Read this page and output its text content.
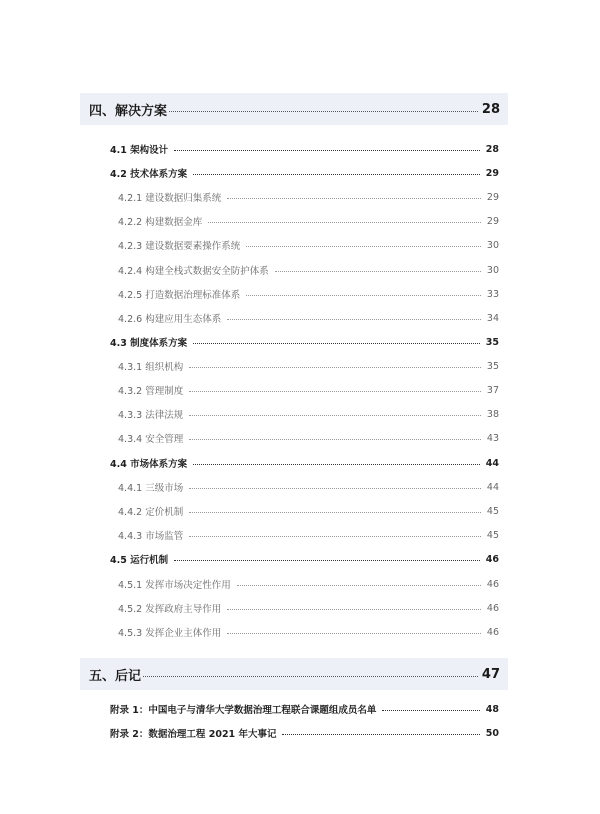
四、解决方案	28
4.1 架构设计	28
4.2 技术体系方案	29
4.2.1 建设数据归集系统	29
4.2.2 构建数据金库	29
4.2.3 建设数据要素操作系统	30
4.2.4 构建全栈式数据安全防护体系	30
4.2.5 打造数据治理标准体系	33
4.2.6 构建应用生态体系	34
4.3 制度体系方案	35
4.3.1 组织机构	35
4.3.2 管理制度	37
4.3.3 法律法规	38
4.3.4 安全管理	43
4.4 市场体系方案	44
4.4.1 三级市场	44
4.4.2 定价机制	45
4.4.3 市场监管	45
4.5 运行机制	46
4.5.1 发挥市场决定性作用	46
4.5.2 发挥政府主导作用	46
4.5.3 发挥企业主体作用	46
五、后记	47
附录 1：中国电子与清华大学数据治理工程联合课题组成员名单	48
附录 2：数据治理工程 2021 年大事记	50
